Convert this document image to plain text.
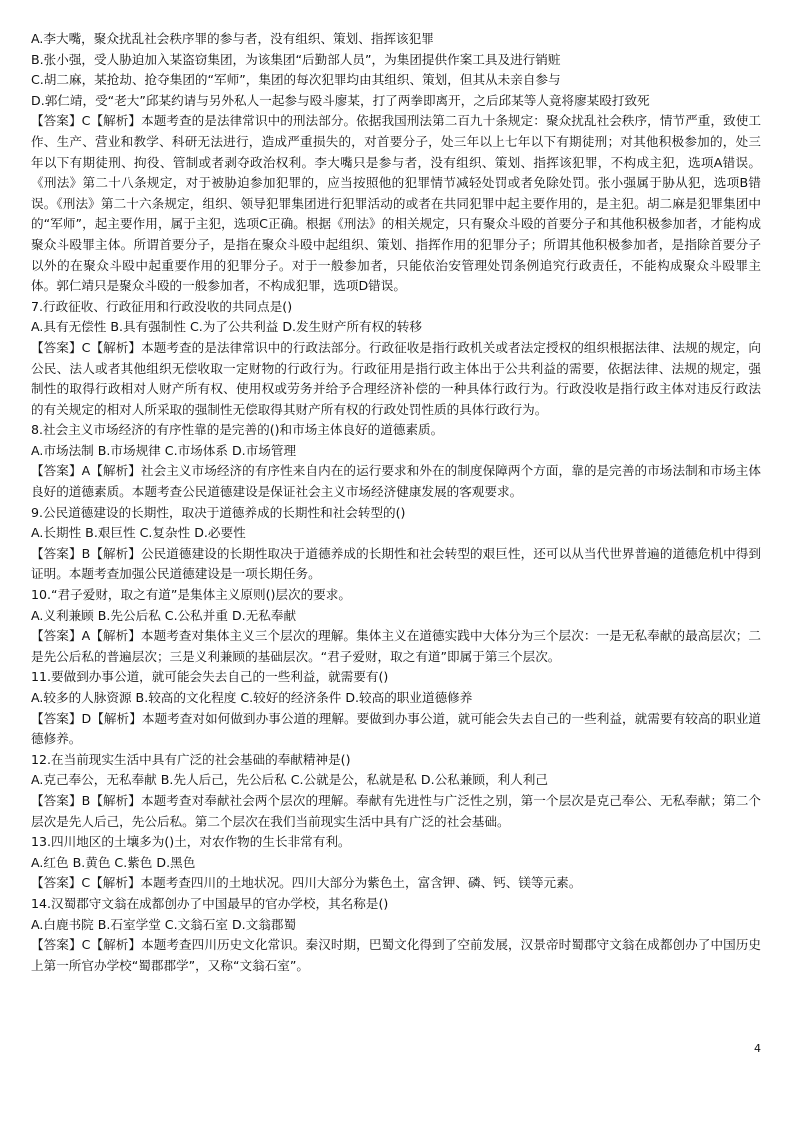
A.李大嘴，聚众扰乱社会秩序罪的参与者，没有组织、策划、指挥该犯罪

B.张小强，受人胁迫加入某盗窃集团，为该集团“后勤部人员”，为集团提供作案工具及进行销赃

C.胡二麻，某抢劫、抢夺集团的“军师”，集团的每次犯罪均由其组织、策划，但其从未亲自参与

D.郭仁靖，受“老大”邱某约请与另外私人一起参与殴斗廖某，打了两拳即离开，之后邱某等人竟将廖某殴打致死

【答案】C【解析】本题考查的是法律常识中的刑法部分。依据我国刑法第二百九十条规定：聚众扰乱社会秩序，情节严重，致使工作、生产、营业和教学、科研无法进行，造成严重损失的，对首要分子，处三年以上七年以下有期徒刑；对其他积极参加的，处三年以下有期徒刑、拘役、管制或者剥夺政治权利。李大嘴只是参与者，没有组织、策划、指挥该犯罪，不构成主犯，选项A错误。《刑法》第二十八条规定，对于被胁迫参加犯罪的，应当按照他的犯罪情节减轻处罚或者免除处罚。张小强属于胁从犯，选项B错误。《刑法》第二十六条规定，组织、领导犯罪集团进行犯罪活动的或者在共同犯罪中起主要作用的，是主犯。胡二麻是犯罪集团中的“军师”，起主要作用，属于主犯，选项C正确。根据《刑法》的相关规定，只有聚众斗殴的首要分子和其他积极参加者，才能构成聚众斗殴罪主体。所谓首要分子，是指在聚众斗殴中起组织、策划、指挥作用的犯罪分子；所谓其他积极参加者，是指除首要分子以外的在聚众斗殴中起重要作用的犯罪分子。对于一般参加者，只能依治安管理处罚条例追究行政责任，不能构成聚众斗殴罪主体。郭仁靖只是聚众斗殴的一般参加者，不构成犯罪，选项D错误。

7.行政征收、行政征用和行政没收的共同点是()

A.具有无偿性 B.具有强制性 C.为了公共利益 D.发生财产所有权的转移

【答案】C【解析】本题考查的是法律常识中的行政法部分。行政征收是指行政机关或者法定授权的组织根据法律、法规的规定，向公民、法人或者其他组织无偿收取一定财物的行政行为。行政征用是指行政主体出于公共利益的需要，依据法律、法规的规定，强制性的取得行政相对人财产所有权、使用权或劳务并给予合理经济补偿的一种具体行政行为。行政没收是指行政主体对违反行政法的有关规定的相对人所采取的强制性无偿取得其财产所有权的行政处罚性质的具体行政行为。

8.社会主义市场经济的有序性靠的是完善的()和市场主体良好的道德素质。

A.市场法制 B.市场规律 C.市场体系 D.市场管理

【答案】A【解析】社会主义市场经济的有序性来自内在的运行要求和外在的制度保障两个方面，靠的是完善的市场法制和市场主体良好的道德素质。本题考查公民道德建设是保证社会主义市场经济健康发展的客观要求。

9.公民道德建设的长期性，取决于道德养成的长期性和社会转型的()

A.长期性 B.艰巨性 C.复杂性 D.必要性

【答案】B【解析】公民道德建设的长期性取决于道德养成的长期性和社会转型的艰巨性，还可以从当代世界普遍的道德危机中得到证明。本题考查加强公民道德建设是一项长期任务。

10.“君子爱财，取之有道”是集体主义原则()层次的要求。

A.义利兼顾 B.先公后私 C.公私并重 D.无私奉献

【答案】A【解析】本题考查对集体主义三个层次的理解。集体主义在道德实践中大体分为三个层次：一是无私奉献的最高层次；二是先公后私的普遍层次；三是义利兼顾的基础层次。“君子爱财，取之有道”即属于第三个层次。

11.要做到办事公道，就可能会失去自己的一些利益，就需要有()

A.较多的人脉资源 B.较高的文化程度 C.较好的经济条件 D.较高的职业道德修养

【答案】D【解析】本题考查对如何做到办事公道的理解。要做到办事公道，就可能会失去自己的一些利益，就需要有较高的职业道德修养。

12.在当前现实生活中具有广泛的社会基础的奉献精神是()

A.克己奉公，无私奉献 B.先人后己，先公后私 C.公就是公，私就是私 D.公私兼顾，利人利己

【答案】B【解析】本题考查对奉献社会两个层次的理解。奉献有先进性与广泛性之别，第一个层次是克己奉公、无私奉献；第二个层次是先人后己，先公后私。第二个层次在我们当前现实生活中具有广泛的社会基础。

13.四川地区的土壤多为()土，对农作物的生长非常有利。

A.红色 B.黄色 C.紫色 D.黑色

【答案】C【解析】本题考查四川的土地状况。四川大部分为紫色土，富含钾、磷、钙、镁等元素。

14.汉蜀郡守文翁在成都创办了中国最早的官办学校，其名称是()

A.白鹿书院 B.石室学堂 C.文翁石室 D.文翁郡蜀

【答案】C【解析】本题考查四川历史文化常识。秦汉时期，巴蜀文化得到了空前发展，汉景帝时蜀郡守文翁在成都创办了中国历史上第一所官办学校“蜀郡郡学”，又称“文翁石室”。

4
